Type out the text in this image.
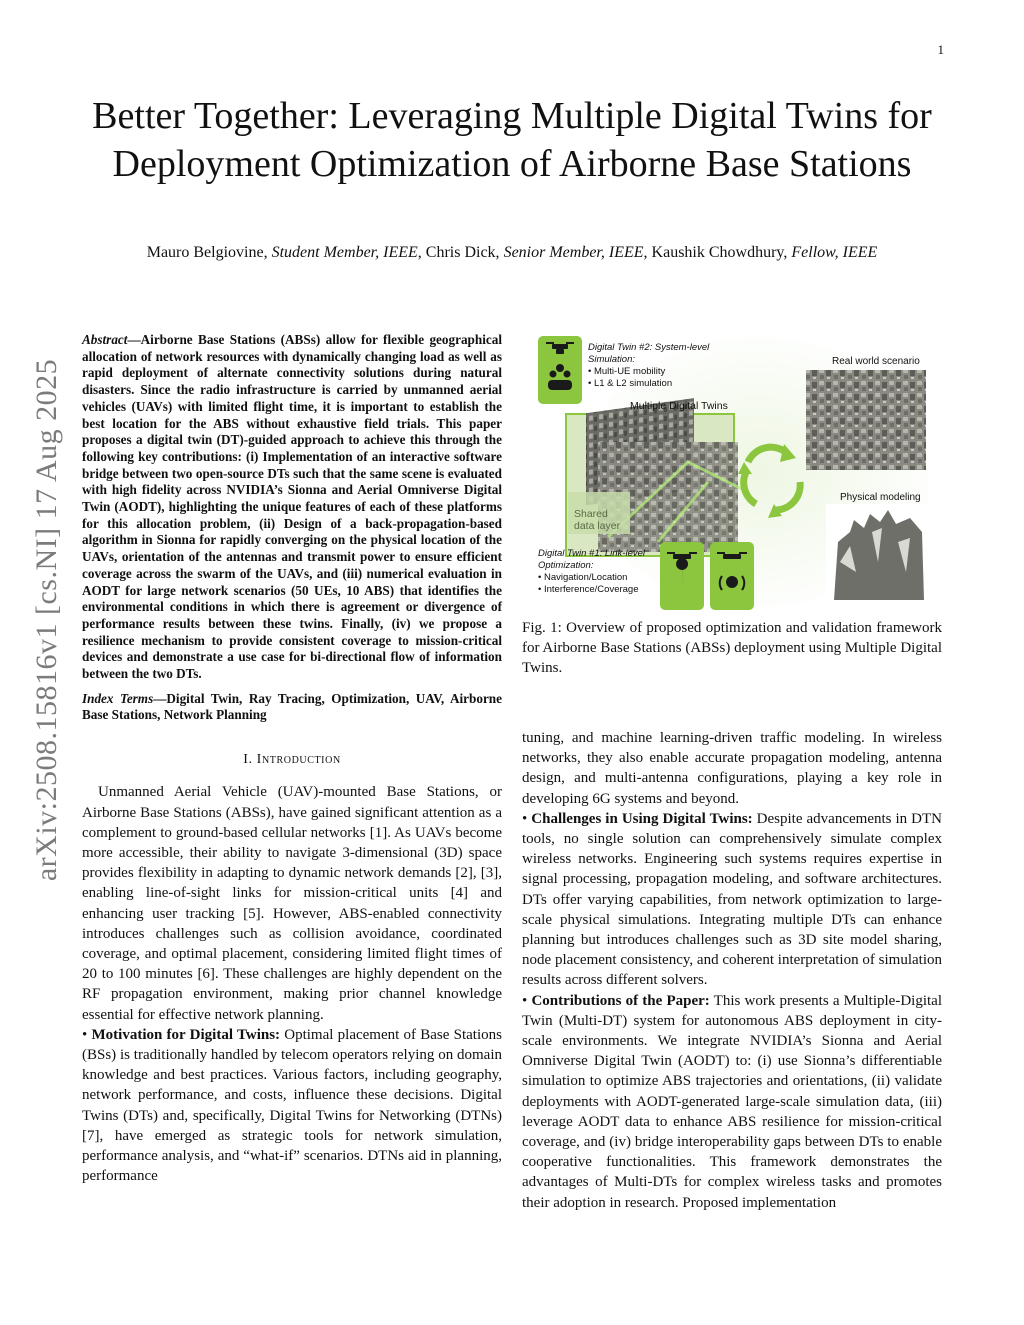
1
arXiv:2508.15816v1 [cs.NI] 17 Aug 2025
Better Together: Leveraging Multiple Digital Twins for Deployment Optimization of Airborne Base Stations
Mauro Belgiovine, Student Member, IEEE, Chris Dick, Senior Member, IEEE, Kaushik Chowdhury, Fellow, IEEE
Abstract—Airborne Base Stations (ABSs) allow for flexible geographical allocation of network resources with dynamically changing load as well as rapid deployment of alternate connectivity solutions during natural disasters. Since the radio infrastructure is carried by unmanned aerial vehicles (UAVs) with limited flight time, it is important to establish the best location for the ABS without exhaustive field trials. This paper proposes a digital twin (DT)-guided approach to achieve this through the following key contributions: (i) Implementation of an interactive software bridge between two open-source DTs such that the same scene is evaluated with high fidelity across NVIDIA’s Sionna and Aerial Omniverse Digital Twin (AODT), highlighting the unique features of each of these platforms for this allocation problem, (ii) Design of a back-propagation-based algorithm in Sionna for rapidly converging on the physical location of the UAVs, orientation of the antennas and transmit power to ensure efficient coverage across the swarm of the UAVs, and (iii) numerical evaluation in AODT for large network scenarios (50 UEs, 10 ABS) that identifies the environmental conditions in which there is agreement or divergence of performance results between these twins. Finally, (iv) we propose a resilience mechanism to provide consistent coverage to mission-critical devices and demonstrate a use case for bi-directional flow of information between the two DTs.
Index Terms—Digital Twin, Ray Tracing, Optimization, UAV, Airborne Base Stations, Network Planning
I. Introduction

Unmanned Aerial Vehicle (UAV)-mounted Base Stations, or Airborne Base Stations (ABSs), have gained significant attention as a complement to ground-based cellular networks [1]. As UAVs become more accessible, their ability to navigate 3-dimensional (3D) space provides flexibility in adapting to dynamic network demands [2], [3], enabling line-of-sight links for mission-critical units [4] and enhancing user tracking [5]. However, ABS-enabled connectivity introduces challenges such as collision avoidance, coordinated coverage, and optimal placement, considering limited flight times of 20 to 100 minutes [6]. These challenges are highly dependent on the RF propagation environment, making prior channel knowledge essential for effective network planning.

• Motivation for Digital Twins: Optimal placement of Base Stations (BSs) is traditionally handled by telecom operators relying on domain knowledge and best practices. Various factors, including geography, network performance, and costs, influence these decisions. Digital Twins (DTs) and, specifically, Digital Twins for Networking (DTNs) [7], have emerged as strategic tools for network simulation, performance analysis, and “what-if” scenarios. DTNs aid in planning, performance

Digital Twin #2: System-level
Simulation:
• Multi-UE mobility
• L1 & L2 simulation
Multiple Digital Twins
Real world scenario
Physical modeling
Shared
data layer
Digital Twin #1: Link-level
Optimization:
• Navigation/Location
• Interference/Coverage
Fig. 1: Overview of proposed optimization and validation framework for Airborne Base Stations (ABSs) deployment using Multiple Digital Twins.

tuning, and machine learning-driven traffic modeling. In wireless networks, they also enable accurate propagation modeling, antenna design, and multi-antenna configurations, playing a key role in developing 6G systems and beyond.

• Challenges in Using Digital Twins: Despite advancements in DTN tools, no single solution can comprehensively simulate complex wireless networks. Engineering such systems requires expertise in signal processing, propagation modeling, and software architectures. DTs offer varying capabilities, from network optimization to large-scale physical simulations. Integrating multiple DTs can enhance planning but introduces challenges such as 3D site model sharing, node placement consistency, and coherent interpretation of simulation results across different solvers.

• Contributions of the Paper: This work presents a Multiple-Digital Twin (Multi-DT) system for autonomous ABS deployment in city-scale environments. We integrate NVIDIA’s Sionna and Aerial Omniverse Digital Twin (AODT) to: (i) use Sionna’s differentiable simulation to optimize ABS trajectories and orientations, (ii) validate deployments with AODT-generated large-scale simulation data, (iii) leverage AODT data to enhance ABS resilience for mission-critical coverage, and (iv) bridge interoperability gaps between DTs to enable cooperative functionalities. This framework demonstrates the advantages of Multi-DTs for complex wireless tasks and promotes their adoption in research. Proposed implementation
